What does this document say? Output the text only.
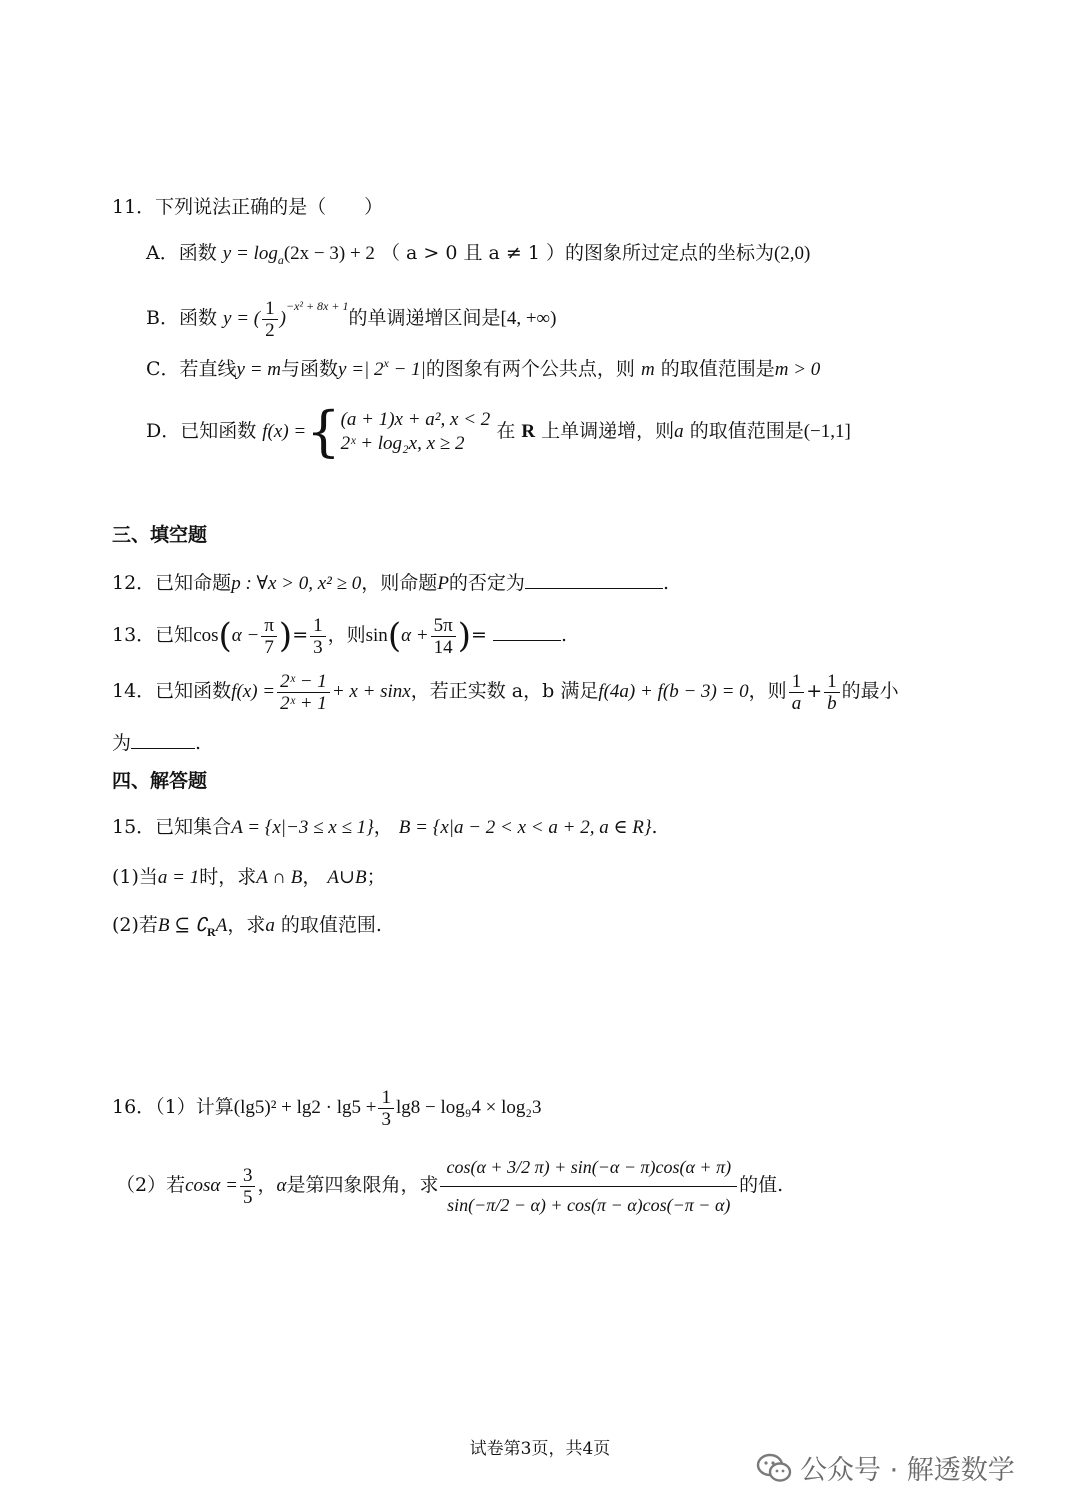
11．下列说法正确的是（　　）
A．函数 $y = \log_a(2x - 3) + 2$ （ a > 0 且 a ≠ 1 ）的图象所过定点的坐标为(2,0)
B．函数 y = ( $\frac{1}{2} )^{-x^2 + 8x + 1}$的单调递增区间是[4, +∞)
C．若直线y = m与函数y =| $2^x - 1|$的图象有两个公共点，则 m 的取值范围是m > 0
D．已知函数 f(x) ={ (a + 1)x + a², x < 2
2ˣ + log₂x, x ≥ 2
在 R 上单调递增，则a 的取值范围是(−1,1]
三、填空题
12．已知命题p : ∀x > 0, x² ≥ 0，则命题P的否定为	.
13．已知$\cos(\alpha - \frac{\pi}{7}$ )= $\frac{1}{3}$ ，则$\sin(\alpha + \frac{5\pi}{14}$ )=	.
14．已知函数$f(x) = \frac{\text{2ˣ − 1}}{\text{2ˣ + 1}} + x + \sin x$，若正实数 a，b 满足f(4a) + f(b − 3) = 0，则 $\frac{1}{a} + \frac{1}{b}$ 的最小
为	.
四、解答题
15．已知集合A = {x|−3 ≤ x ≤ 1}， B = {x|a − 2 < x < a + 2, a ∈ R}.
(1)当a = 1时，求A ∩ B， A∪B；
(2)若B ⊆ $∁_RA$，求a 的取值范围.
16．（1）计算$(\lg 5)^2 + \lg 2 \cdot \lg 5 + \frac{1}{3} \lg 8 - \log_94 \times \log_23$
（2）若$\cos\alpha = \frac{3}{5}$ ，α是第四象限角，求 $\frac{\cos(\alpha + 3/2 \pi) + \sin(-\alpha - \pi)\cos(\alpha + \pi)}{\sin(-\pi/2 - \alpha) + \cos(\pi - \alpha)\cos(-\pi - \alpha)}$ 的值.
试卷第3页，共4页
公众号 · 解透数学
